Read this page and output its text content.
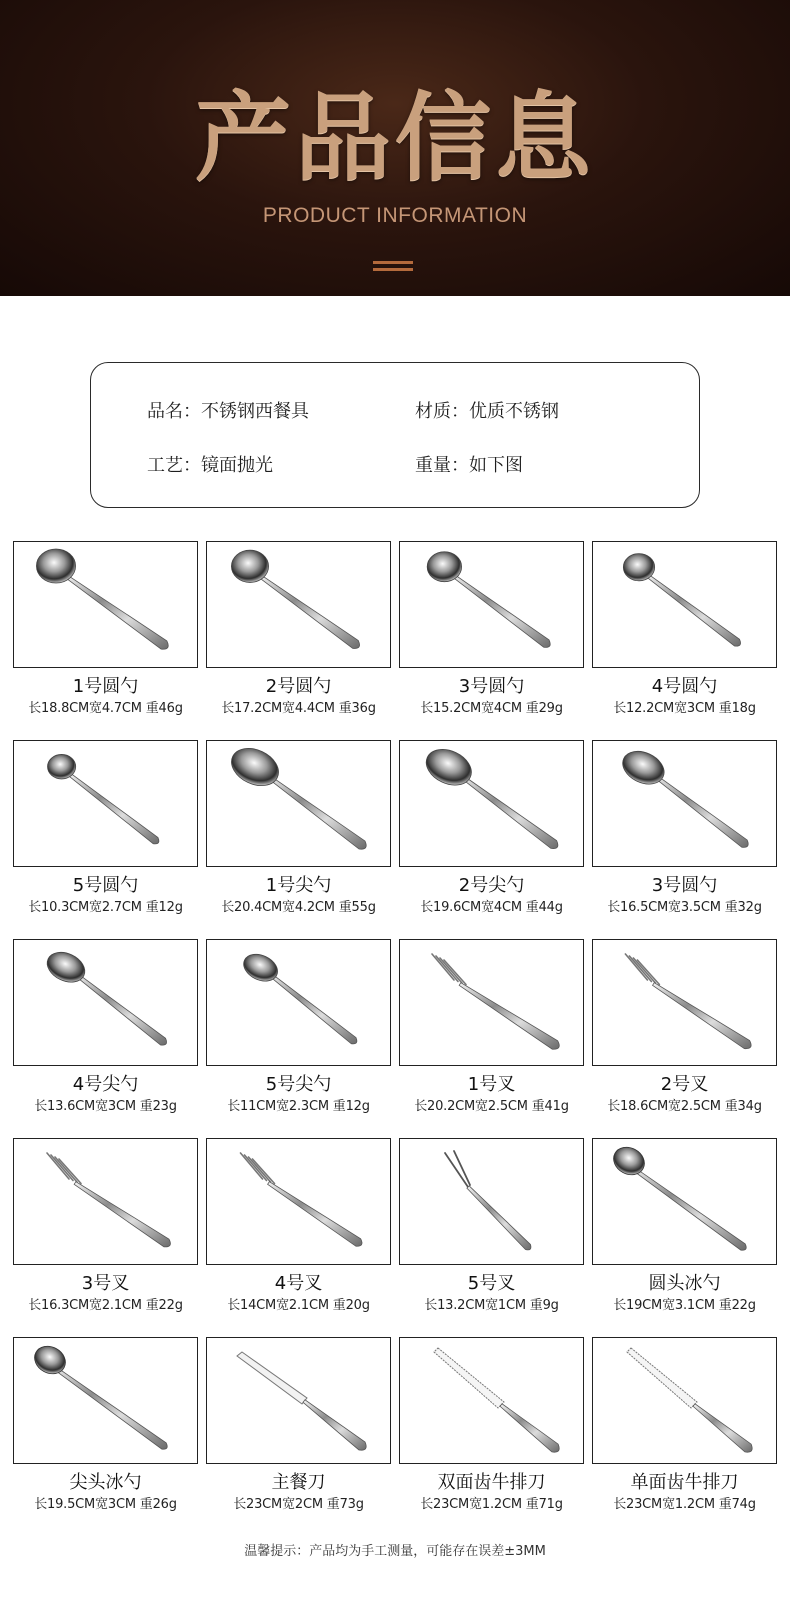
产品信息
PRODUCT INFORMATION
品名：不锈钢西餐具	材质：优质不锈钢
工艺：镜面抛光	重量：如下图
1号圆勺
长18.8CM宽4.7CM 重46g
2号圆勺
长17.2CM宽4.4CM 重36g
3号圆勺
长15.2CM宽4CM 重29g
4号圆勺
长12.2CM宽3CM 重18g
5号圆勺
长10.3CM宽2.7CM 重12g
1号尖勺
长20.4CM宽4.2CM 重55g
2号尖勺
长19.6CM宽4CM 重44g
3号圆勺
长16.5CM宽3.5CM 重32g
4号尖勺
长13.6CM宽3CM 重23g
5号尖勺
长11CM宽2.3CM 重12g
1号叉
长20.2CM宽2.5CM 重41g
2号叉
长18.6CM宽2.5CM 重34g
3号叉
长16.3CM宽2.1CM 重22g
4号叉
长14CM宽2.1CM 重20g
5号叉
长13.2CM宽1CM 重9g
圆头冰勺
长19CM宽3.1CM 重22g
尖头冰勺
长19.5CM宽3CM 重26g
主餐刀
长23CM宽2CM 重73g
双面齿牛排刀
长23CM宽1.2CM 重71g
单面齿牛排刀
长23CM宽1.2CM 重74g
温馨提示：产品均为手工测量，可能存在误差±3MM
